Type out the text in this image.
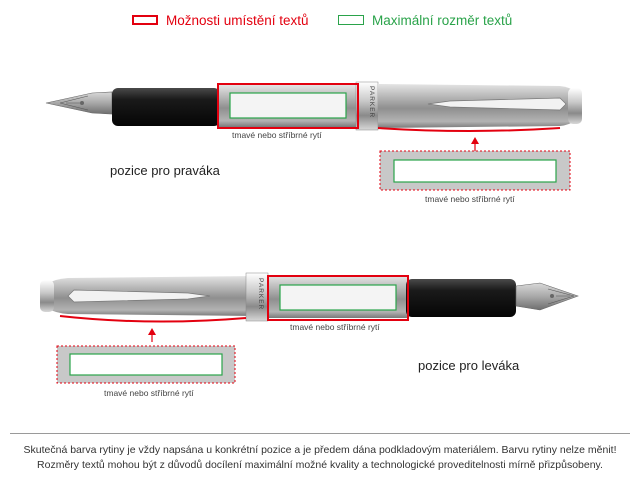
Možnosti umístění textů	Maximální rozměr textů
PARKER
PARKER
tmavé nebo stříbrné rytí
pozice pro praváka
tmavé nebo stříbrné rytí
tmavé nebo stříbrné rytí
pozice pro leváka
tmavé nebo stříbrné rytí
Skutečná barva rytiny je vždy napsána u konkrétní pozice a je předem dána podkladovým materiálem. Barvu rytiny nelze měnit!
Rozměry textů mohou být z důvodů docílení maximální možné kvality a technologické proveditelnosti mírně přizpůsobeny.
